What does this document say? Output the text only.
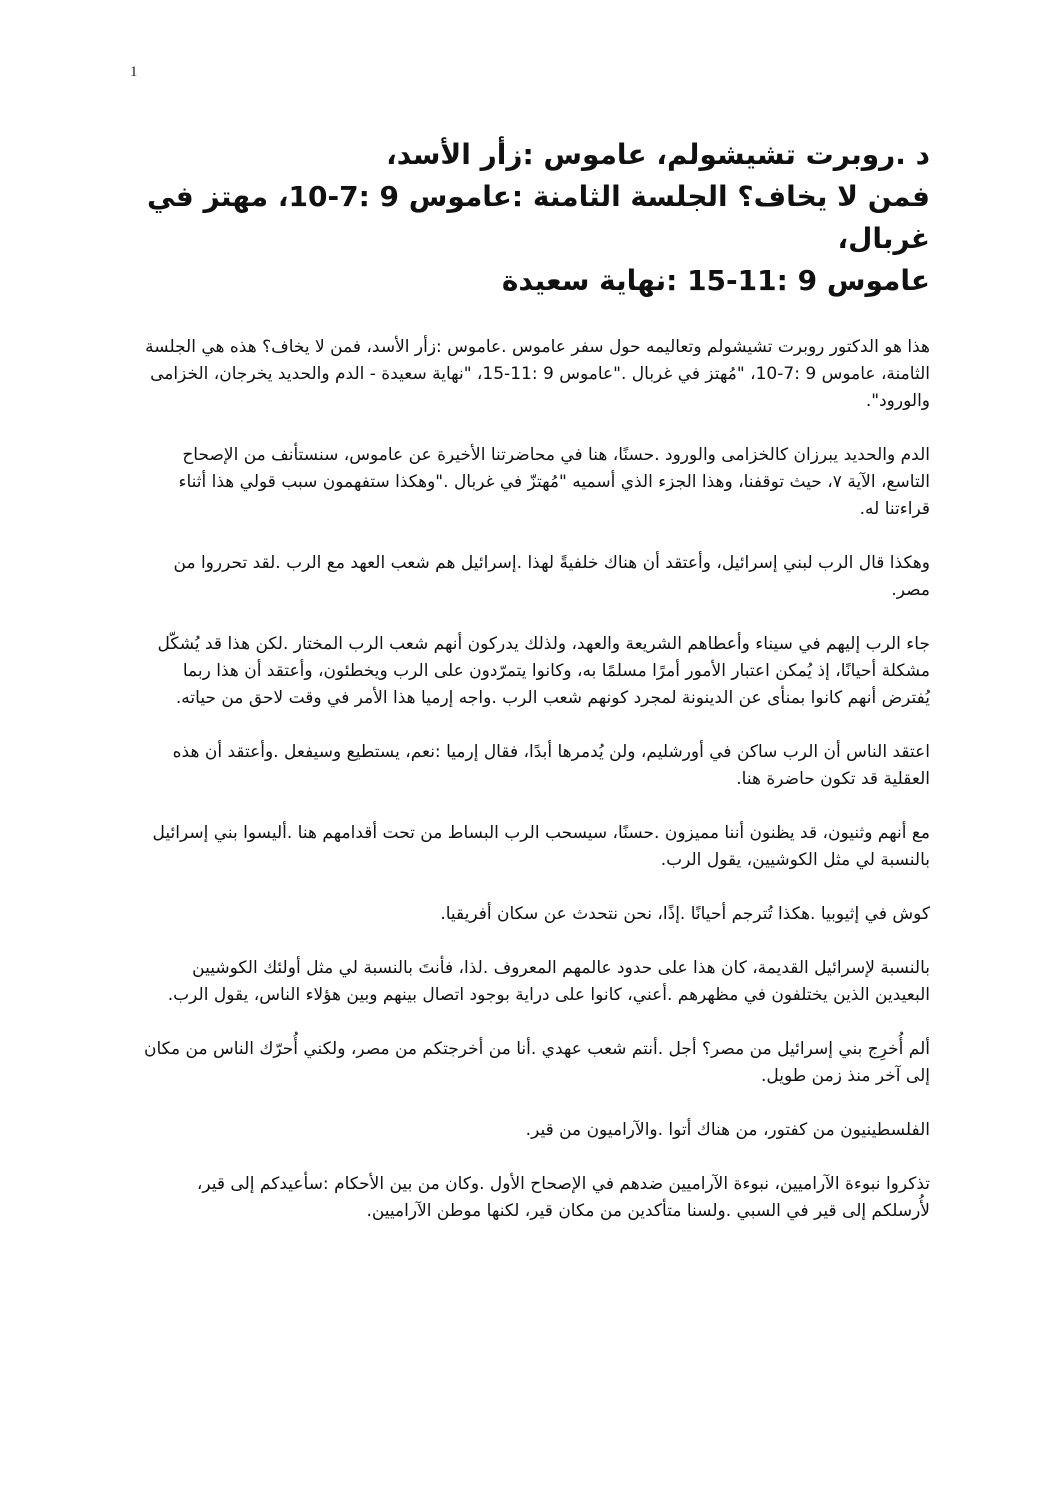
1
د .روبرت تشيشولم، عاموس :زأر الأسد،
فمن لا يخاف؟ الجلسة الثامنة :عاموس 9 :7-10، مهتز في
غربال،
عاموس 9 :11-15 :نهاية سعيدة

هذا هو الدكتور روبرت تشيشولم وتعاليمه حول سفر عاموس .عاموس :زأر الأسد، فمن لا يخاف؟ هذه هي الجلسة الثامنة، عاموس 9 :7-10، "مُهتز في غربال ."عاموس 9 :11-15، "نهاية سعيدة - الدم والحديد يخرجان، الخزامى والورود".

الدم والحديد يبرزان كالخزامى والورود .حسنًا، هنا في محاضرتنا الأخيرة عن عاموس، سنستأنف من الإصحاح التاسع، الآية ٧، حيث توقفنا، وهذا الجزء الذي أسميه "مُهتزّ في غربال ."وهكذا ستفهمون سبب قولي هذا أثناء قراءتنا له.

وهكذا قال الرب لبني إسرائيل، وأعتقد أن هناك خلفيةً لهذا .إسرائيل هم شعب العهد مع الرب .لقد تحرروا من مصر.

جاء الرب إليهم في سيناء وأعطاهم الشريعة والعهد، ولذلك يدركون أنهم شعب الرب المختار .لكن هذا قد يُشكّل مشكلة أحيانًا، إذ يُمكن اعتبار الأمور أمرًا مسلمًا به، وكانوا يتمرّدون على الرب ويخطئون، وأعتقد أن هذا ربما يُفترض أنهم كانوا بمنأى عن الدينونة لمجرد كونهم شعب الرب .واجه إرميا هذا الأمر في وقت لاحق من حياته.

اعتقد الناس أن الرب ساكن في أورشليم، ولن يُدمرها أبدًا، فقال إرميا :نعم، يستطيع وسيفعل .وأعتقد أن هذه العقلية قد تكون حاضرة هنا.

مع أنهم وثنيون، قد يظنون أننا مميزون .حسنًا، سيسحب الرب البساط من تحت أقدامهم هنا .أليسوا بني إسرائيل بالنسبة لي مثل الكوشيين، يقول الرب.

كوش في إثيوبيا .هكذا تُترجم أحيانًا .إذًا، نحن نتحدث عن سكان أفريقيا.

بالنسبة لإسرائيل القديمة، كان هذا على حدود عالمهم المعروف .لذا، فأنتَ بالنسبة لي مثل أولئك الكوشيين البعيدين الذين يختلفون في مظهرهم .أعني، كانوا على دراية بوجود اتصال بينهم وبين هؤلاء الناس، يقول الرب.

ألم أُخرِج بني إسرائيل من مصر؟ أجل .أنتم شعب عهدي .أنا من أخرجتكم من مصر، ولكني أُحرّك الناس من مكان إلى آخر منذ زمن طويل.

الفلسطينيون من كفتور، من هناك أتوا .والآراميون من قير.

تذكروا نبوءة الآراميين، نبوءة الآراميين ضدهم في الإصحاح الأول .وكان من بين الأحكام :سأعيدكم إلى قير، لأُرسلكم إلى قير في السبي .ولسنا متأكدين من مكان قير، لكنها موطن الآراميين.
